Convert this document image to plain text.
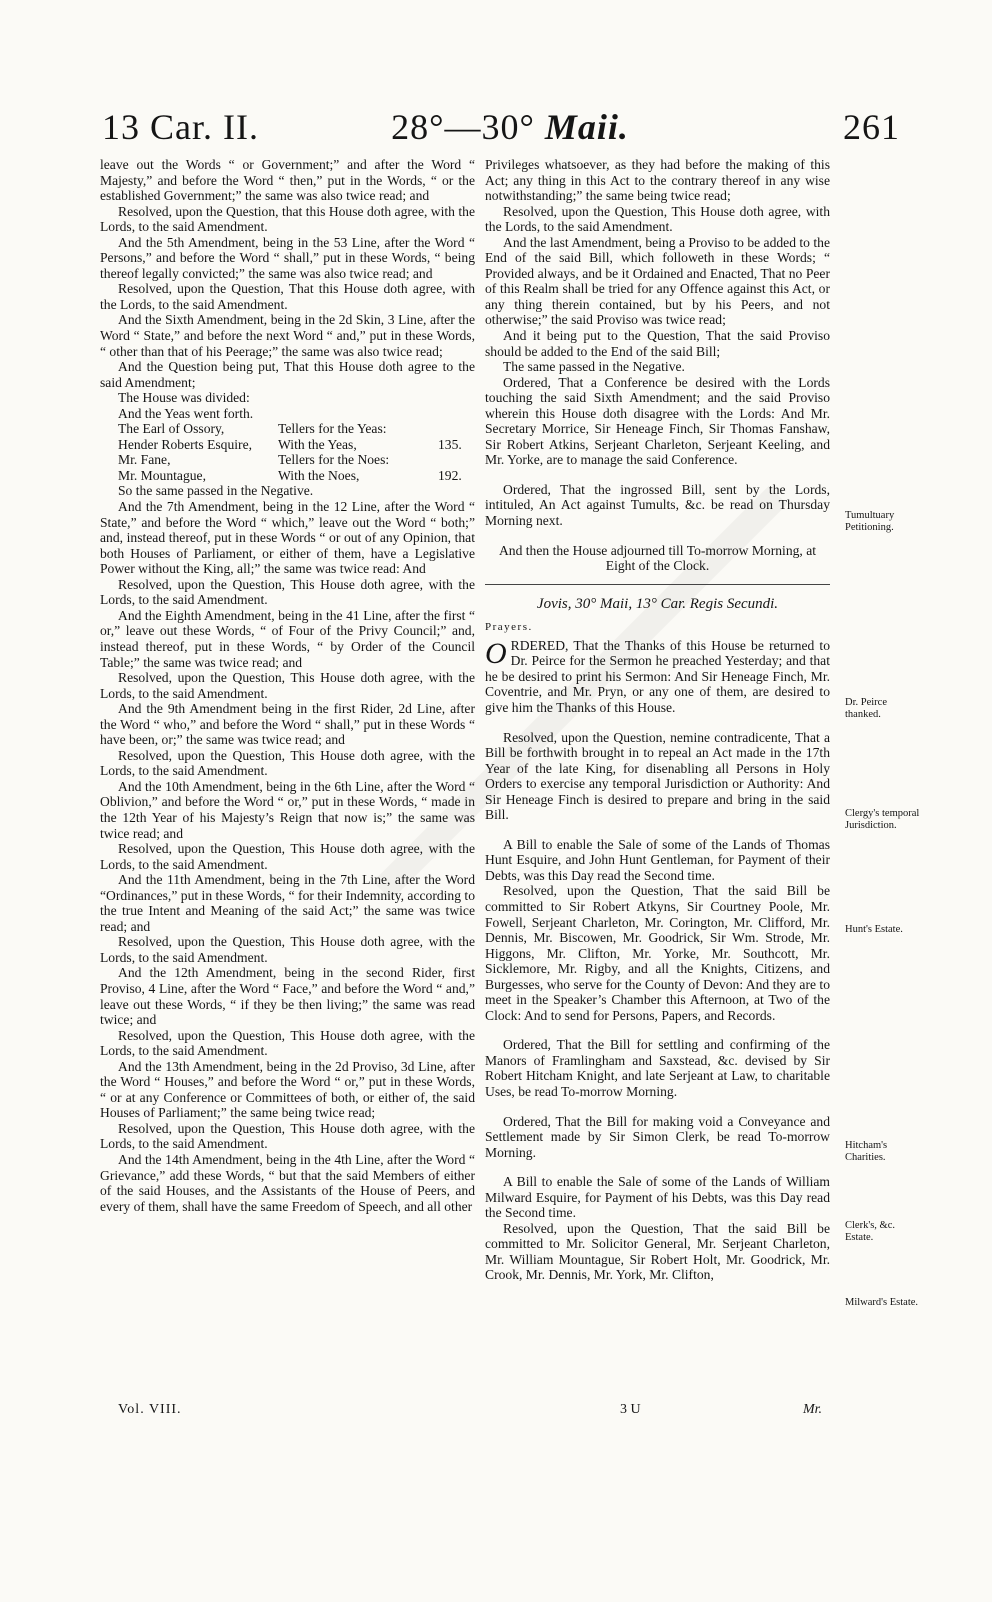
13 Car. II.	28°—30° Maii.	261

leave out the Words “ or Government;” and after the Word “ Majesty,” and before the Word “ then,” put in the Words, “ or the established Government;” the same was also twice read; and

Resolved, upon the Question, that this House doth agree, with the Lords, to the said Amendment.

And the 5th Amendment, being in the 53 Line, after the Word “ Persons,” and before the Word “ shall,” put in these Words, “ being thereof legally convicted;” the same was also twice read; and

Resolved, upon the Question, That this House doth agree, with the Lords, to the said Amendment.

And the Sixth Amendment, being in the 2d Skin, 3 Line, after the Word “ State,” and before the next Word “ and,” put in these Words, “ other than that of his Peerage;” the same was also twice read;

And the Question being put, That this House doth agree to the said Amendment;

The House was divided:

And the Yeas went forth.

The Earl of Ossory,	Tellers for the Yeas:
Hender Roberts Esquire,	With the Yeas,	135.
Mr. Fane,	Tellers for the Noes:
Mr. Mountague,	With the Noes,	192.

So the same passed in the Negative.

And the 7th Amendment, being in the 12 Line, after the Word “ State,” and before the Word “ which,” leave out the Word “ both;” and, instead thereof, put in these Words “ or out of any Opinion, that both Houses of Parliament, or either of them, have a Legislative Power without the King, all;” the same was twice read: And

Resolved, upon the Question, This House doth agree, with the Lords, to the said Amendment.

And the Eighth Amendment, being in the 41 Line, after the first “ or,” leave out these Words, “ of Four of the Privy Council;” and, instead thereof, put in these Words, “ by Order of the Council Table;” the same was twice read; and

Resolved, upon the Question, This House doth agree, with the Lords, to the said Amendment.

And the 9th Amendment being in the first Rider, 2d Line, after the Word “ who,” and before the Word “ shall,” put in these Words “ have been, or;” the same was twice read; and

Resolved, upon the Question, This House doth agree, with the Lords, to the said Amendment.

And the 10th Amendment, being in the 6th Line, after the Word “ Oblivion,” and before the Word “ or,” put in these Words, “ made in the 12th Year of his Majesty’s Reign that now is;” the same was twice read; and

Resolved, upon the Question, This House doth agree, with the Lords, to the said Amendment.

And the 11th Amendment, being in the 7th Line, after the Word “Ordinances,” put in these Words, “ for their Indemnity, according to the true Intent and Meaning of the said Act;” the same was twice read; and

Resolved, upon the Question, This House doth agree, with the Lords, to the said Amendment.

And the 12th Amendment, being in the second Rider, first Proviso, 4 Line, after the Word “ Face,” and before the Word “ and,” leave out these Words, “ if they be then living;” the same was read twice; and

Resolved, upon the Question, This House doth agree, with the Lords, to the said Amendment.

And the 13th Amendment, being in the 2d Proviso, 3d Line, after the Word “ Houses,” and before the Word “ or,” put in these Words, “ or at any Conference or Committees of both, or either of, the said Houses of Parliament;” the same being twice read;

Resolved, upon the Question, This House doth agree, with the Lords, to the said Amendment.

And the 14th Amendment, being in the 4th Line, after the Word “ Grievance,” add these Words, “ but that the said Members of either of the said Houses, and the Assistants of the House of Peers, and every of them, shall have the same Freedom of Speech, and all other

Privileges whatsoever, as they had before the making of this Act; any thing in this Act to the contrary thereof in any wise notwithstanding;” the same being twice read;

Resolved, upon the Question, This House doth agree, with the Lords, to the said Amendment.

And the last Amendment, being a Proviso to be added to the End of the said Bill, which followeth in these Words; “ Provided always, and be it Ordained and Enacted, That no Peer of this Realm shall be tried for any Offence against this Act, or any thing therein contained, but by his Peers, and not otherwise;” the said Proviso was twice read;

And it being put to the Question, That the said Proviso should be added to the End of the said Bill;

The same passed in the Negative.

Ordered, That a Conference be desired with the Lords touching the said Sixth Amendment; and the said Proviso wherein this House doth disagree with the Lords: And Mr. Secretary Morrice, Sir Heneage Finch, Sir Thomas Fanshaw, Sir Robert Atkins, Serjeant Charleton, Serjeant Keeling, and Mr. Yorke, are to manage the said Conference.

Ordered, That the ingrossed Bill, sent by the Lords, intituled, An Act against Tumults, &c. be read on Thursday Morning next.

And then the House adjourned till To-morrow Morning, at Eight of the Clock.

Jovis, 30° Maii, 13° Car. Regis Secundi.
Prayers.

ORDERED, That the Thanks of this House be returned to Dr. Peirce for the Sermon he preached Yesterday; and that he be desired to print his Sermon: And Sir Heneage Finch, Mr. Coventrie, and Mr. Pryn, or any one of them, are desired to give him the Thanks of this House.

Resolved, upon the Question, nemine contradicente, That a Bill be forthwith brought in to repeal an Act made in the 17th Year of the late King, for disenabling all Persons in Holy Orders to exercise any temporal Jurisdiction or Authority: And Sir Heneage Finch is desired to prepare and bring in the said Bill.

A Bill to enable the Sale of some of the Lands of Thomas Hunt Esquire, and John Hunt Gentleman, for Payment of their Debts, was this Day read the Second time.

Resolved, upon the Question, That the said Bill be committed to Sir Robert Atkyns, Sir Courtney Poole, Mr. Fowell, Serjeant Charleton, Mr. Corington, Mr. Clifford, Mr. Dennis, Mr. Biscowen, Mr. Goodrick, Sir Wm. Strode, Mr. Higgons, Mr. Clifton, Mr. Yorke, Mr. Southcott, Mr. Sicklemore, Mr. Rigby, and all the Knights, Citizens, and Burgesses, who serve for the County of Devon: And they are to meet in the Speaker’s Chamber this Afternoon, at Two of the Clock: And to send for Persons, Papers, and Records.

Ordered, That the Bill for settling and confirming of the Manors of Framlingham and Saxstead, &c. devised by Sir Robert Hitcham Knight, and late Serjeant at Law, to charitable Uses, be read To-morrow Morning.

Ordered, That the Bill for making void a Conveyance and Settlement made by Sir Simon Clerk, be read To-morrow Morning.

A Bill to enable the Sale of some of the Lands of William Milward Esquire, for Payment of his Debts, was this Day read the Second time.

Resolved, upon the Question, That the said Bill be committed to Mr. Solicitor General, Mr. Serjeant Charleton, Mr. William Mountague, Sir Robert Holt, Mr. Goodrick, Mr. Crook, Mr. Dennis, Mr. York, Mr. Clifton,

Tumultuary Petitioning.
Dr. Peirce thanked.
Clergy's temporal Jurisdiction.
Hunt's Estate.
Hitcham's Charities.
Clerk's, &c. Estate.
Milward's Estate.
Vol. VIII.	3 U	Mr.
